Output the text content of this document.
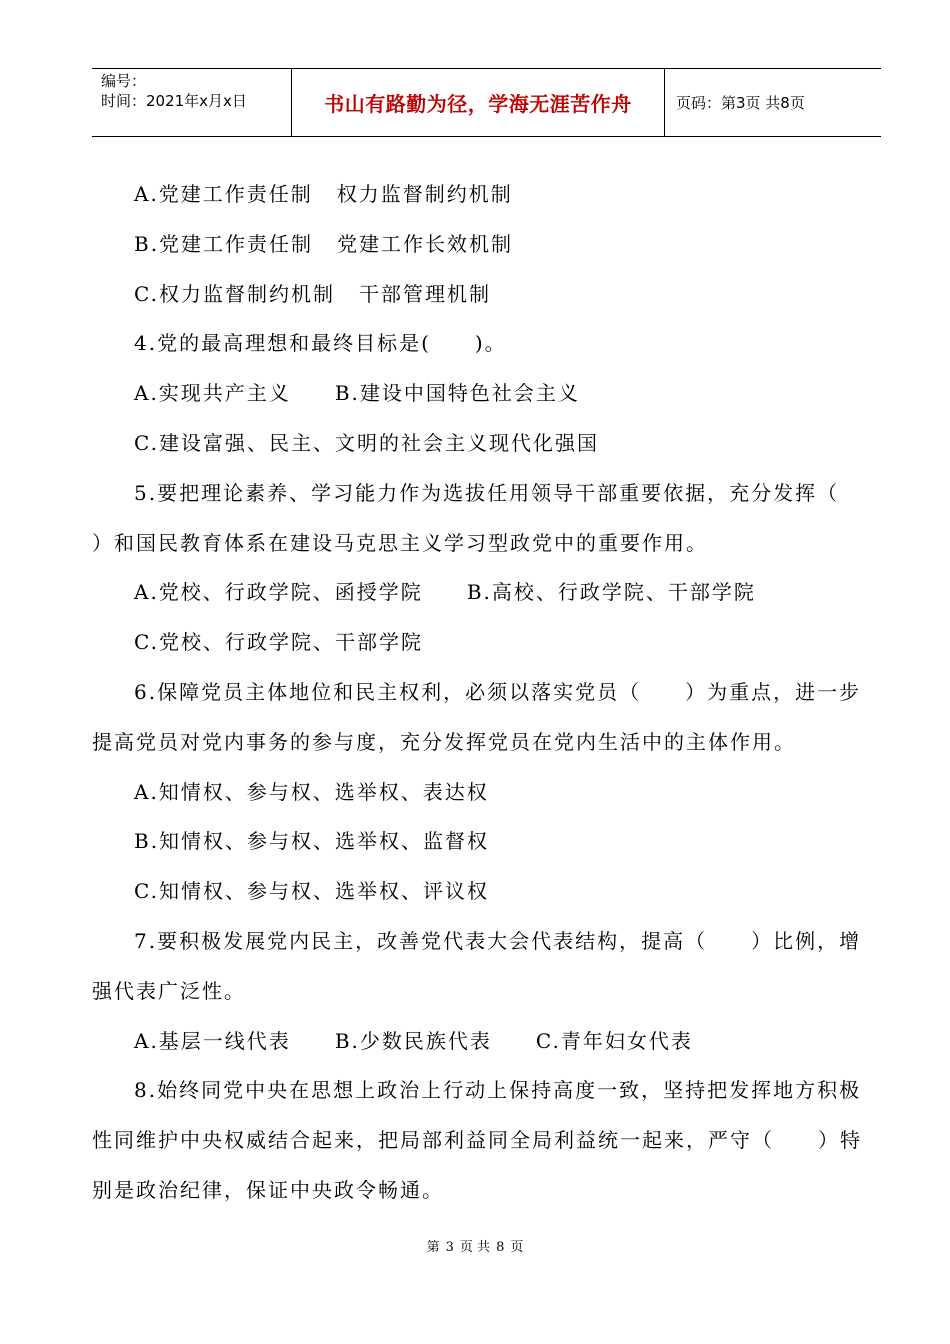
编号：
时间：2021年x月x日	书山有路勤为径，学海无涯苦作舟	页码：第3页 共8页

A.党建工作责任制 权力监督制约机制

B.党建工作责任制 党建工作长效机制

C.权力监督制约机制 干部管理机制

4.党的最高理想和最终目标是(　　)。

A.实现共产主义 B.建设中国特色社会主义

C.建设富强、民主、文明的社会主义现代化强国

5.要把理论素养、学习能力作为选拔任用领导干部重要依据，充分发挥（

）和国民教育体系在建设马克思主义学习型政党中的重要作用。

A.党校、行政学院、函授学院 B.高校、行政学院、干部学院

C.党校、行政学院、干部学院

6.保障党员主体地位和民主权利，必须以落实党员（　　）为重点，进一步

提高党员对党内事务的参与度，充分发挥党员在党内生活中的主体作用。

A.知情权、参与权、选举权、表达权

B.知情权、参与权、选举权、监督权

C.知情权、参与权、选举权、评议权

7.要积极发展党内民主，改善党代表大会代表结构，提高（　　）比例，增

强代表广泛性。

A.基层一线代表 B.少数民族代表 C.青年妇女代表

8.始终同党中央在思想上政治上行动上保持高度一致，坚持把发挥地方积极

性同维护中央权威结合起来，把局部利益同全局利益统一起来，严守（　　）特

别是政治纪律，保证中央政令畅通。

第 3 页 共 8 页
